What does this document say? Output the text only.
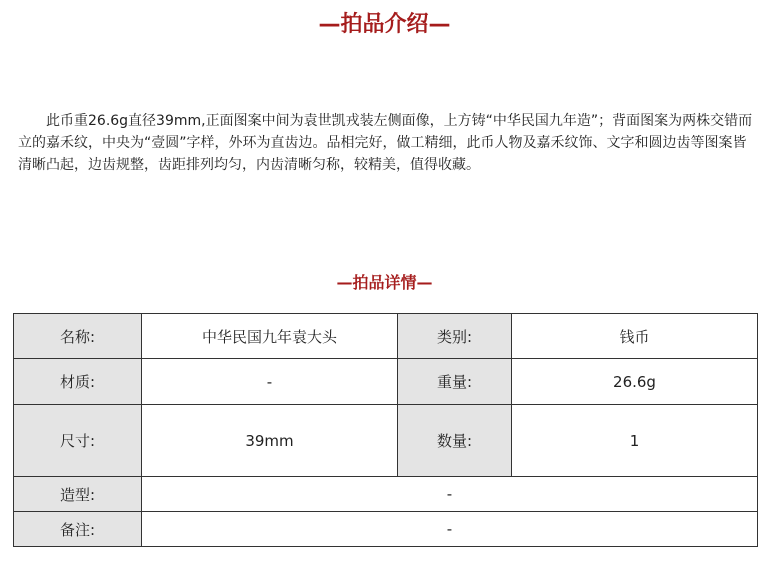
—拍品介绍—

此币重26.6g直径39mm,正面图案中间为袁世凯戎装左侧面像，上方铸“中华民国九年造”；背面图案为两株交错而立的嘉禾纹，中央为“壹圆”字样，外环为直齿边。品相完好，做工精细，此币人物及嘉禾纹饰、文字和圆边齿等图案皆清晰凸起，边齿规整，齿距排列均匀，内齿清晰匀称，较精美，值得收藏。

—拍品详情—
名称:	中华民国九年袁大头	类别:	钱币
材质:	-	重量:	26.6g
尺寸:	39mm	数量:	1
造型:	-		
备注:	-		
